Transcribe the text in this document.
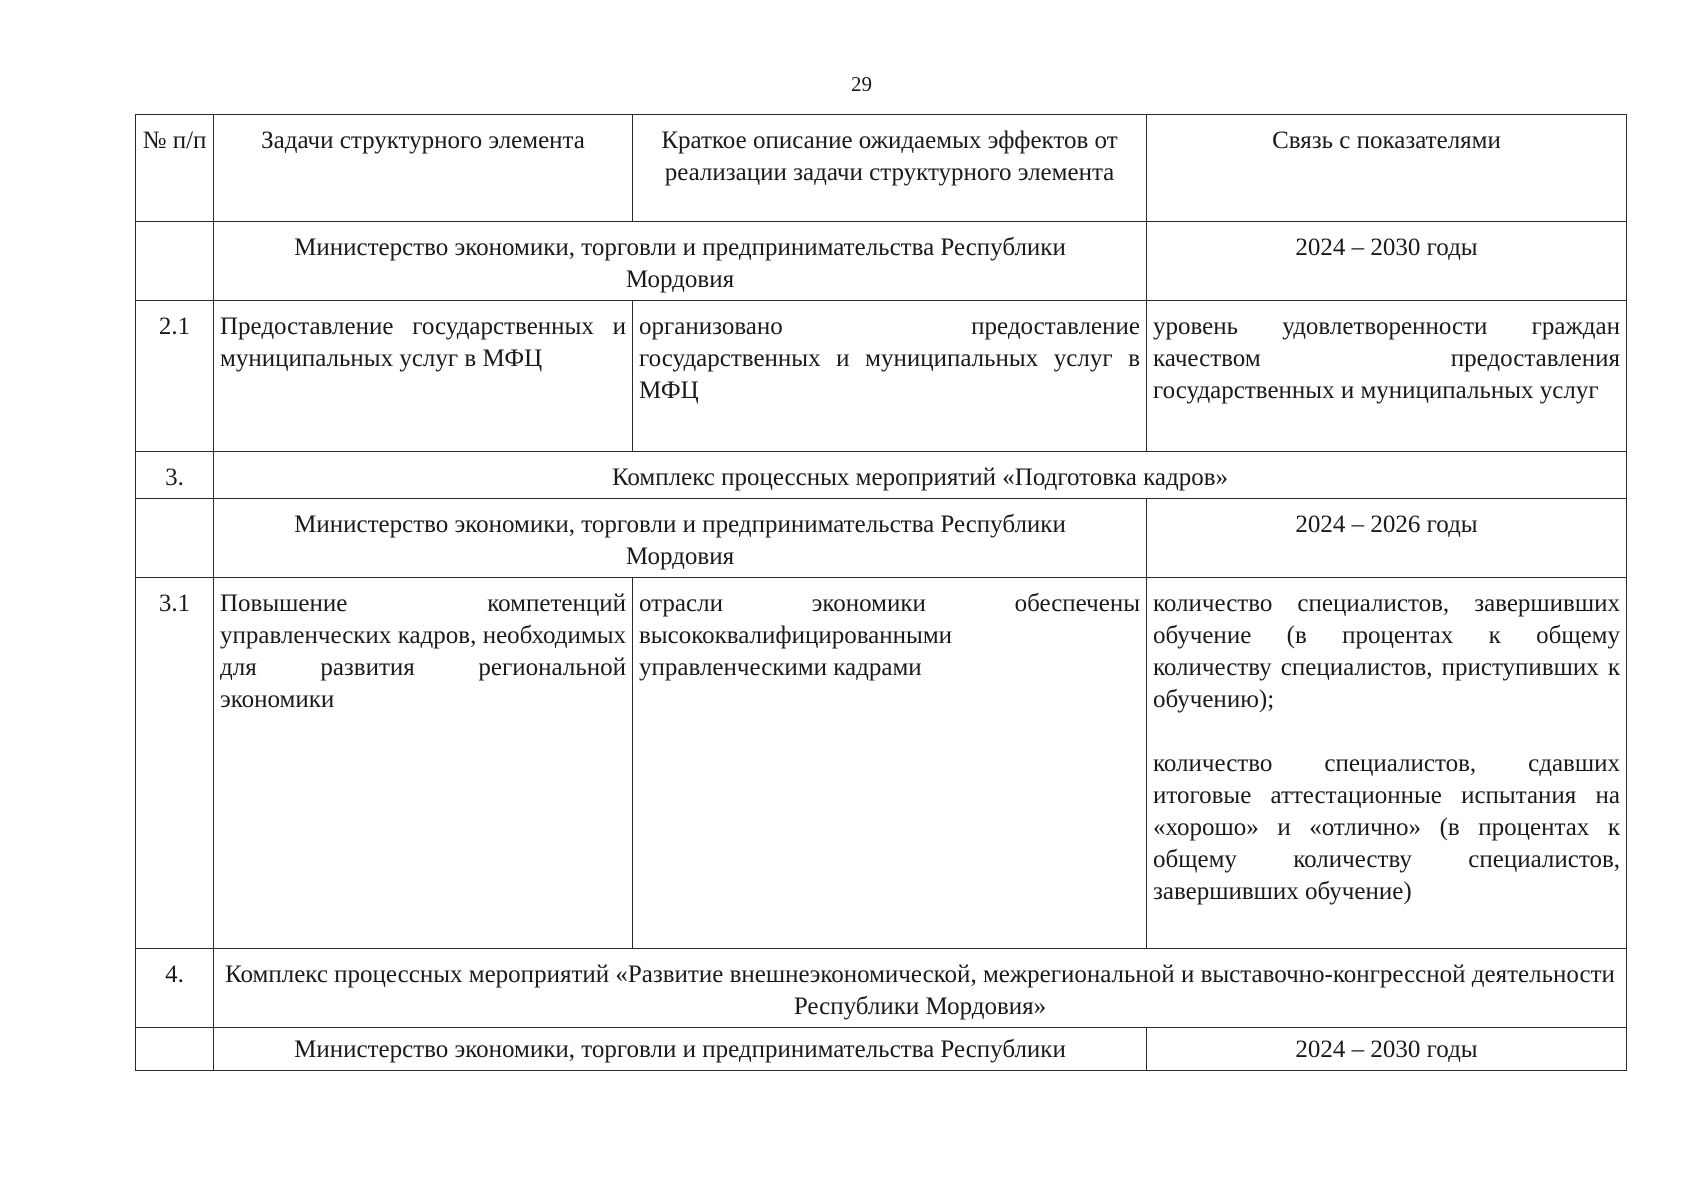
29
№ п/п	Задачи структурного элемента	Краткое описание ожидаемых эффектов от реализации задачи структурного элемента	Связь с показателями
	Министерство экономики, торговли и предпринимательства Республики Мордовия		2024 – 2030 годы
2.1	Предоставление государственных и муниципальных услуг в МФЦ	организовано предоставление государственных и муниципальных услуг в МФЦ	уровень удовлетворенности граждан качеством предоставления государственных и муниципальных услуг
3.	Комплекс процессных мероприятий «Подготовка кадров»		
	Министерство экономики, торговли и предпринимательства Республики Мордовия		2024 – 2026 годы
3.1	Повышение компетенций управленческих кадров, необходимых для развития региональной экономики	отрасли экономики обеспечены высококвалифицированными управленческими кадрами	количество специалистов, завершивших обучение (в процентах к общему количеству специалистов, приступивших к обучению);
количество специалистов, сдавших итоговые аттестационные испытания на «хорошо» и «отлично» (в процентах к общему количеству специалистов, завершивших обучение)
4.	Комплекс процессных мероприятий «Развитие внешнеэкономической, межрегиональной и выставочно-конгрессной деятельности Республики Мордовия»		
	Министерство экономики, торговли и предпринимательства Республики		2024 – 2030 годы
